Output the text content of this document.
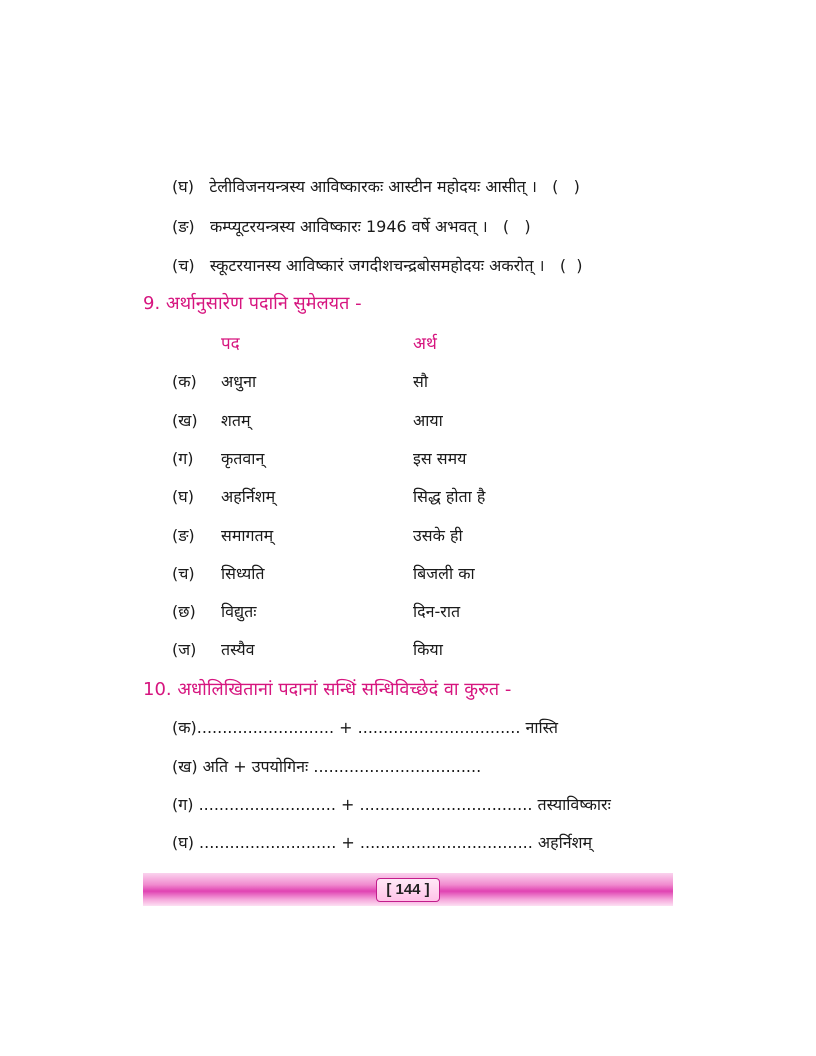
(घ) टेलीविजनयन्त्रस्य आविष्कारकः आस्टीन महोदयः आसीत् । (   )
(ङ) कम्प्यूटरयन्त्रस्य आविष्कारः 1946 वर्षे अभवत् । (   )
(च) स्कूटरयानस्य आविष्कारं जगदीशचन्द्रबोसमहोदयः अकरोत् । (  )
9. अर्थानुसारेण पदानि सुमेलयत -
पद	अर्थ
(क) अधुना	सौ
(ख) शतम्	आया
(ग) कृतवान्	इस समय
(घ) अहर्निशम्	सिद्ध होता है
(ङ) समागतम्	उसके ही
(च) सिध्यति	बिजली का
(छ) विद्युतः	दिन-रात
(ज) तस्यैव	किया
10. अधोलिखितानां पदानां सन्धिं सन्धिविच्छेदं वा कुरुत -
(क)........................... + ................................ नास्ति
(ख) अति + उपयोगिनः .................................
(ग) ........................... + .................................. तस्याविष्कारः
(घ) ........................... + .................................. अहर्निशम्
[ 144 ]
